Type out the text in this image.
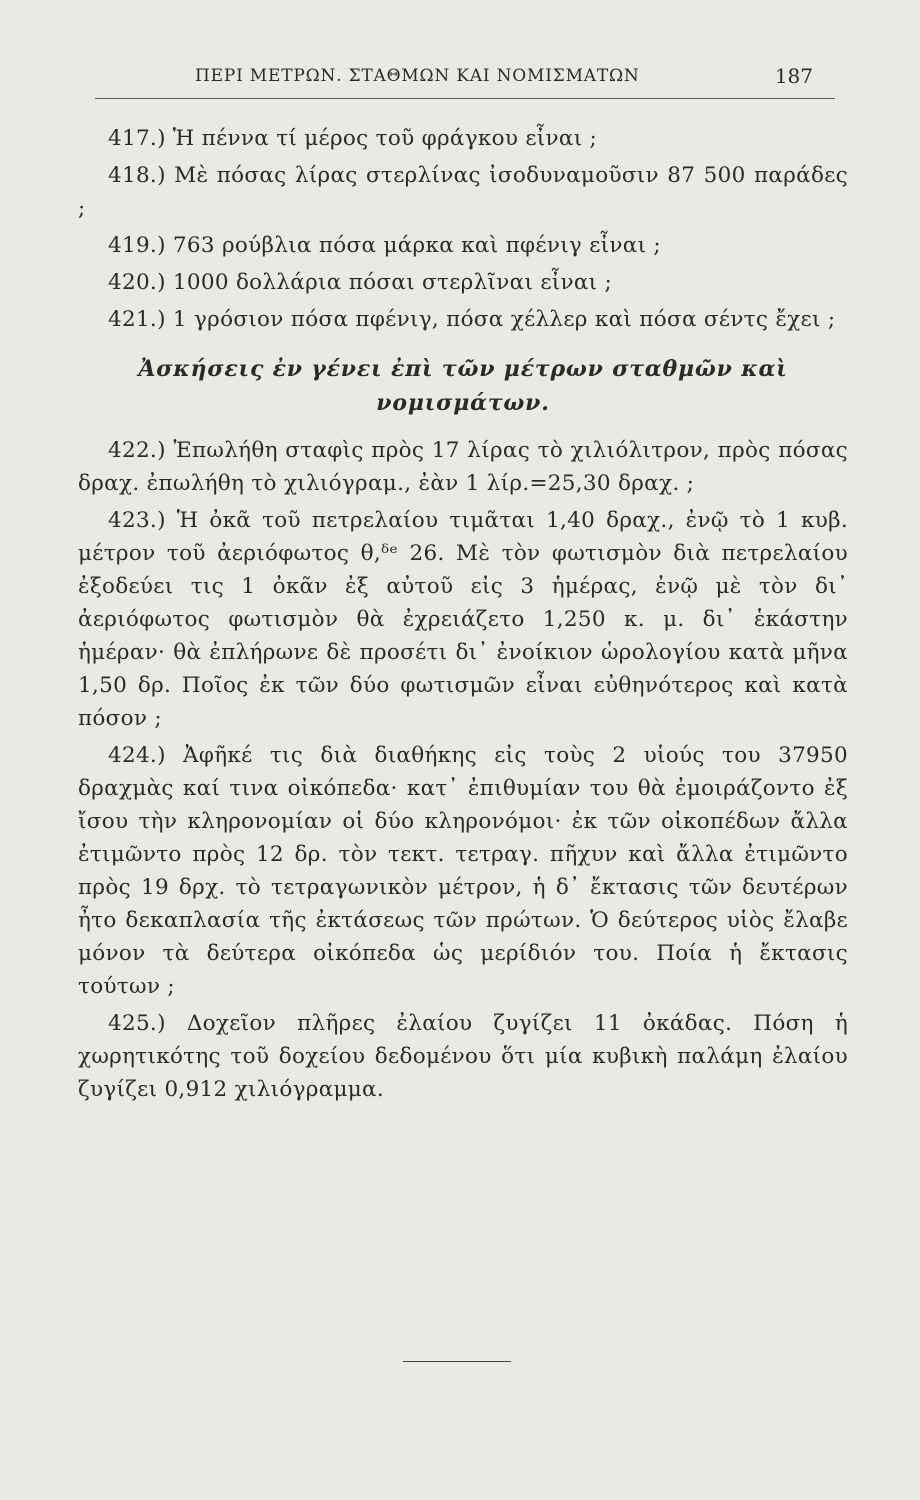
ΠΕΡΙ ΜΕΤΡΩΝ. ΣΤΑΘΜΩΝ ΚΑΙ ΝΟΜΙΣΜΑΤΩΝ	187

417.) Ἡ πέννα τί μέρος τοῦ φράγκου εἶναι ;

418.) Μὲ πόσας λίρας στερλίνας ἰσοδυναμοῦσιν 87 500 παράδες ;

419.) 763 ρούβλια πόσα μάρκα καὶ πφένιγ εἶναι ;

420.) 1000 δολλάρια πόσαι στερλῖναι εἶναι ;

421.) 1 γρόσιον πόσα πφένιγ, πόσα χέλλερ καὶ πόσα σέντς ἔχει ;

Ἀσκήσεις ἐν γένει ἐπὶ τῶν μέτρων σταθμῶν καὶ νομισμάτων.

422.) Ἐπωλήθη σταφὶς πρὸς 17 λίρας τὸ χιλιόλιτρον, πρὸς πόσας δραχ. ἐπωλήθη τὸ χιλιόγραμ., ἐὰν 1 λίρ.=25,30 δραχ. ;

423.) Ἡ ὀκᾶ τοῦ πετρελαίου τιμᾶται 1,40 δραχ., ἐνῷ τὸ 1 κυβ. μέτρον τοῦ ἀεριόφωτος θ,ᵟᵉ 26. Μὲ τὸν φωτισμὸν διὰ πετρελαίου ἐξοδεύει τις 1 ὀκᾶν ἐξ αὐτοῦ εἰς 3 ἡμέρας, ἐνῷ μὲ τὸν δι᾽ ἀεριόφωτος φωτισμὸν θὰ ἐχρειάζετο 1,250 κ. μ. δι᾽ ἑκάστην ἡμέραν· θὰ ἐπλήρωνε δὲ προσέτι δι᾽ ἐνοίκιον ὡρολογίου κατὰ μῆνα 1,50 δρ. Ποῖος ἐκ τῶν δύο φωτισμῶν εἶναι εὐθηνότερος καὶ κατὰ πόσον ;

424.) Ἀφῆκέ τις διὰ διαθήκης εἰς τοὺς 2 υἱούς του 37950 δραχμὰς καί τινα οἰκόπεδα· κατ᾽ ἐπιθυμίαν του θὰ ἐμοιράζοντο ἐξ ἴσου τὴν κληρονομίαν οἱ δύο κληρονόμοι· ἐκ τῶν οἰκοπέδων ἄλλα ἐτιμῶντο πρὸς 12 δρ. τὸν τεκτ. τετραγ. πῆχυν καὶ ἄλλα ἐτιμῶντο πρὸς 19 δρχ. τὸ τετραγωνικὸν μέτρον, ἡ δ᾽ ἔκτασις τῶν δευτέρων ἦτο δεκαπλασία τῆς ἐκτάσεως τῶν πρώτων. Ὁ δεύτερος υἱὸς ἔλαβε μόνον τὰ δεύτερα οἰκόπεδα ὡς μερίδιόν του. Ποία ἡ ἔκτασις τούτων ;

425.) Δοχεῖον πλῆρες ἐλαίου ζυγίζει 11 ὀκάδας. Πόση ἡ χωρητικότης τοῦ δοχείου δεδομένου ὅτι μία κυβικὴ παλάμη ἐλαίου ζυγίζει 0,912 χιλιόγραμμα.
